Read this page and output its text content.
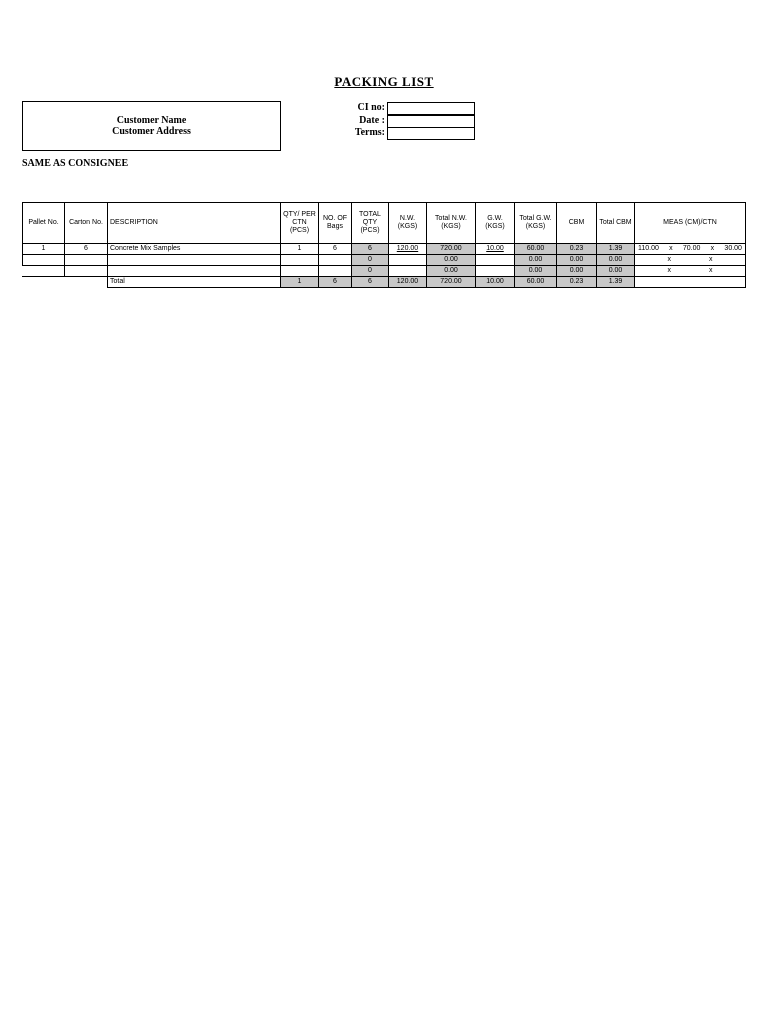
PACKING LIST
Customer Name
Customer Address
CI no:
Date :
Terms:
SAME AS CONSIGNEE
Pallet No.	Carton No.	DESCRIPTION	QTY/ PER CTN (PCS)	NO. OF Bags	TOTAL QTY (PCS)	N.W. (KGS)	Total N.W. (KGS)	G.W. (KGS)	Total G.W. (KGS)	CBM	Total CBM	MEAS (CM)/CTN
1	6	Concrete Mix Samples	1	6	6	120.00	720.00	10.00	60.00	0.23	1.39	110.00 x 70.00 x 30.00

					0		0.00		0.00	0.00	0.00	x x

					0		0.00		0.00	0.00	0.00	x x

		Total	1	6	6	120.00	720.00	10.00	60.00	0.23	1.39	
